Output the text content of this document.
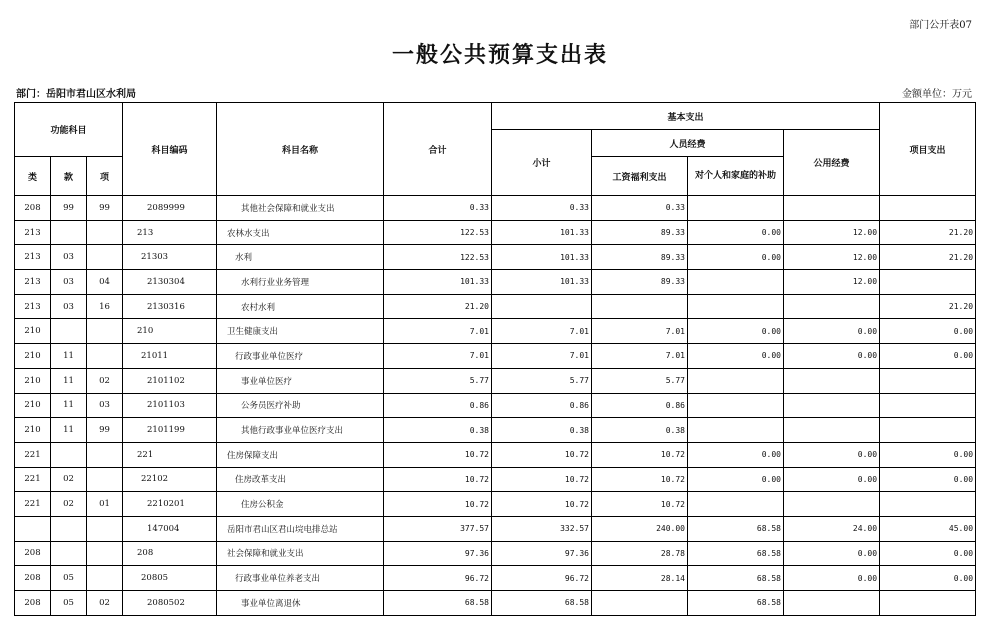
部门公开表07
一般公共预算支出表
部门：岳阳市君山区水利局	金额单位：万元
功能科目			科目编码	科目名称	合计	基本支出				项目支出
						小计	人员经费		公用经费	
类	款	项					工资福利支出	对个人和家庭的补助		
208	99	99	2089999	其他社会保障和就业支出	0.33	0.33	0.33			
213			213	农林水支出	122.53	101.33	89.33	0.00	12.00	21.20
213	03		21303	水利	122.53	101.33	89.33	0.00	12.00	21.20
213	03	04	2130304	水利行业业务管理	101.33	101.33	89.33		12.00	
213	03	16	2130316	农村水利	21.20					21.20
210			210	卫生健康支出	7.01	7.01	7.01	0.00	0.00	0.00
210	11		21011	行政事业单位医疗	7.01	7.01	7.01	0.00	0.00	0.00
210	11	02	2101102	事业单位医疗	5.77	5.77	5.77			
210	11	03	2101103	公务员医疗补助	0.86	0.86	0.86			
210	11	99	2101199	其他行政事业单位医疗支出	0.38	0.38	0.38			
221			221	住房保障支出	10.72	10.72	10.72	0.00	0.00	0.00
221	02		22102	住房改革支出	10.72	10.72	10.72	0.00	0.00	0.00
221	02	01	2210201	住房公积金	10.72	10.72	10.72			
			147004	岳阳市君山区君山垸电排总站	377.57	332.57	240.00	68.58	24.00	45.00
208			208	社会保障和就业支出	97.36	97.36	28.78	68.58	0.00	0.00
208	05		20805	行政事业单位养老支出	96.72	96.72	28.14	68.58	0.00	0.00
208	05	02	2080502	事业单位离退休	68.58	68.58		68.58		
